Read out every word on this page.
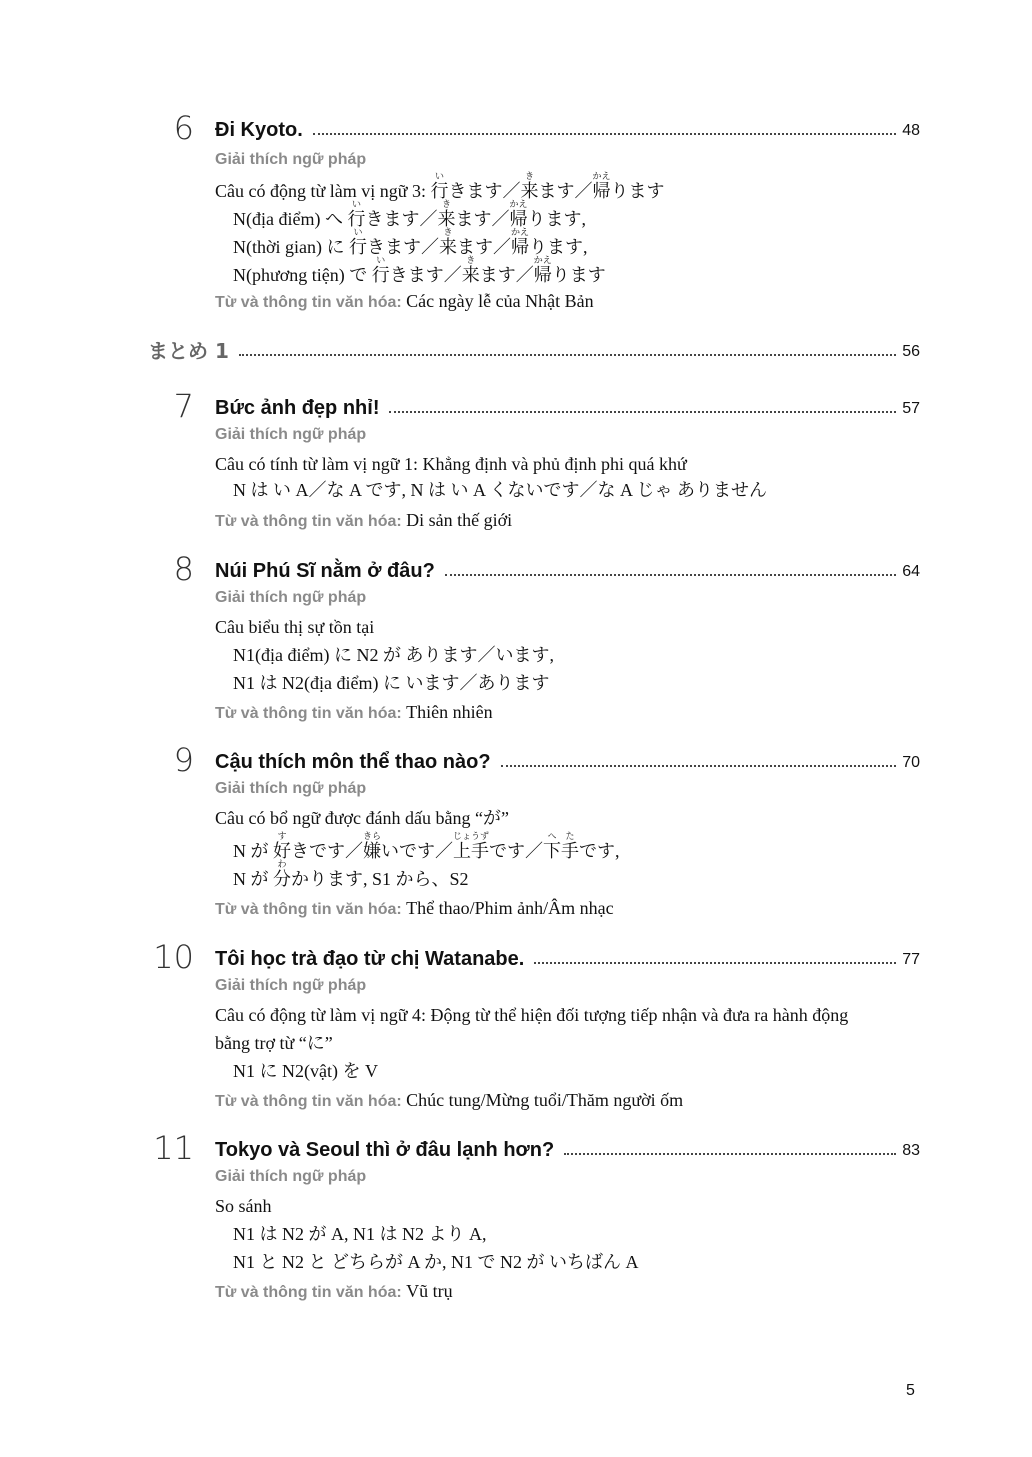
6 Đi Kyoto.	48
Giải thích ngữ pháp
Câu có động từ làm vị ngữ 3: 行いきます／来きます／帰かえります
N(địa điểm) へ 行いきます／来きます／帰かえります,
N(thời gian) に 行いきます／来きます／帰かえります,
N(phương tiện) で 行いきます／来きます／帰かえります
Từ và thông tin văn hóa: Các ngày lễ của Nhật Bản
まとめ 1	56
7 Bức ảnh đẹp nhỉ!	57
Giải thích ngữ pháp
Câu có tính từ làm vị ngữ 1: Khẳng định và phủ định phi quá khứ
N は い A／な A です, N は い A くないです／な A じゃ ありません
Từ và thông tin văn hóa: Di sản thế giới
8 Núi Phú Sĩ nằm ở đâu?	64
Giải thích ngữ pháp
Câu biểu thị sự tồn tại
N1(địa điểm) に N2 が あります／います,
N1 は N2(địa điểm) に います／あります
Từ và thông tin văn hóa: Thiên nhiên
9 Cậu thích môn thể thao nào?	70
Giải thích ngữ pháp
Câu có bổ ngữ được đánh dấu bằng “が”
N が 好すきです／嫌きらいです／上手じょうずです／下手へたです,
N が 分わかります, S1 から、S2
Từ và thông tin văn hóa: Thể thao/Phim ảnh/Âm nhạc
10 Tôi học trà đạo từ chị Watanabe.	77
Giải thích ngữ pháp
Câu có động từ làm vị ngữ 4: Động từ thể hiện đối tượng tiếp nhận và đưa ra hành động
bằng trợ từ “に”
N1 に N2(vật) を V
Từ và thông tin văn hóa: Chúc tung/Mừng tuổi/Thăm người ốm
11 Tokyo và Seoul thì ở đâu lạnh hơn?	83
Giải thích ngữ pháp
So sánh
N1 は N2 が A, N1 は N2 より A,
N1 と N2 と どちらが A か, N1 で N2 が いちばん A
Từ và thông tin văn hóa: Vũ trụ
5
